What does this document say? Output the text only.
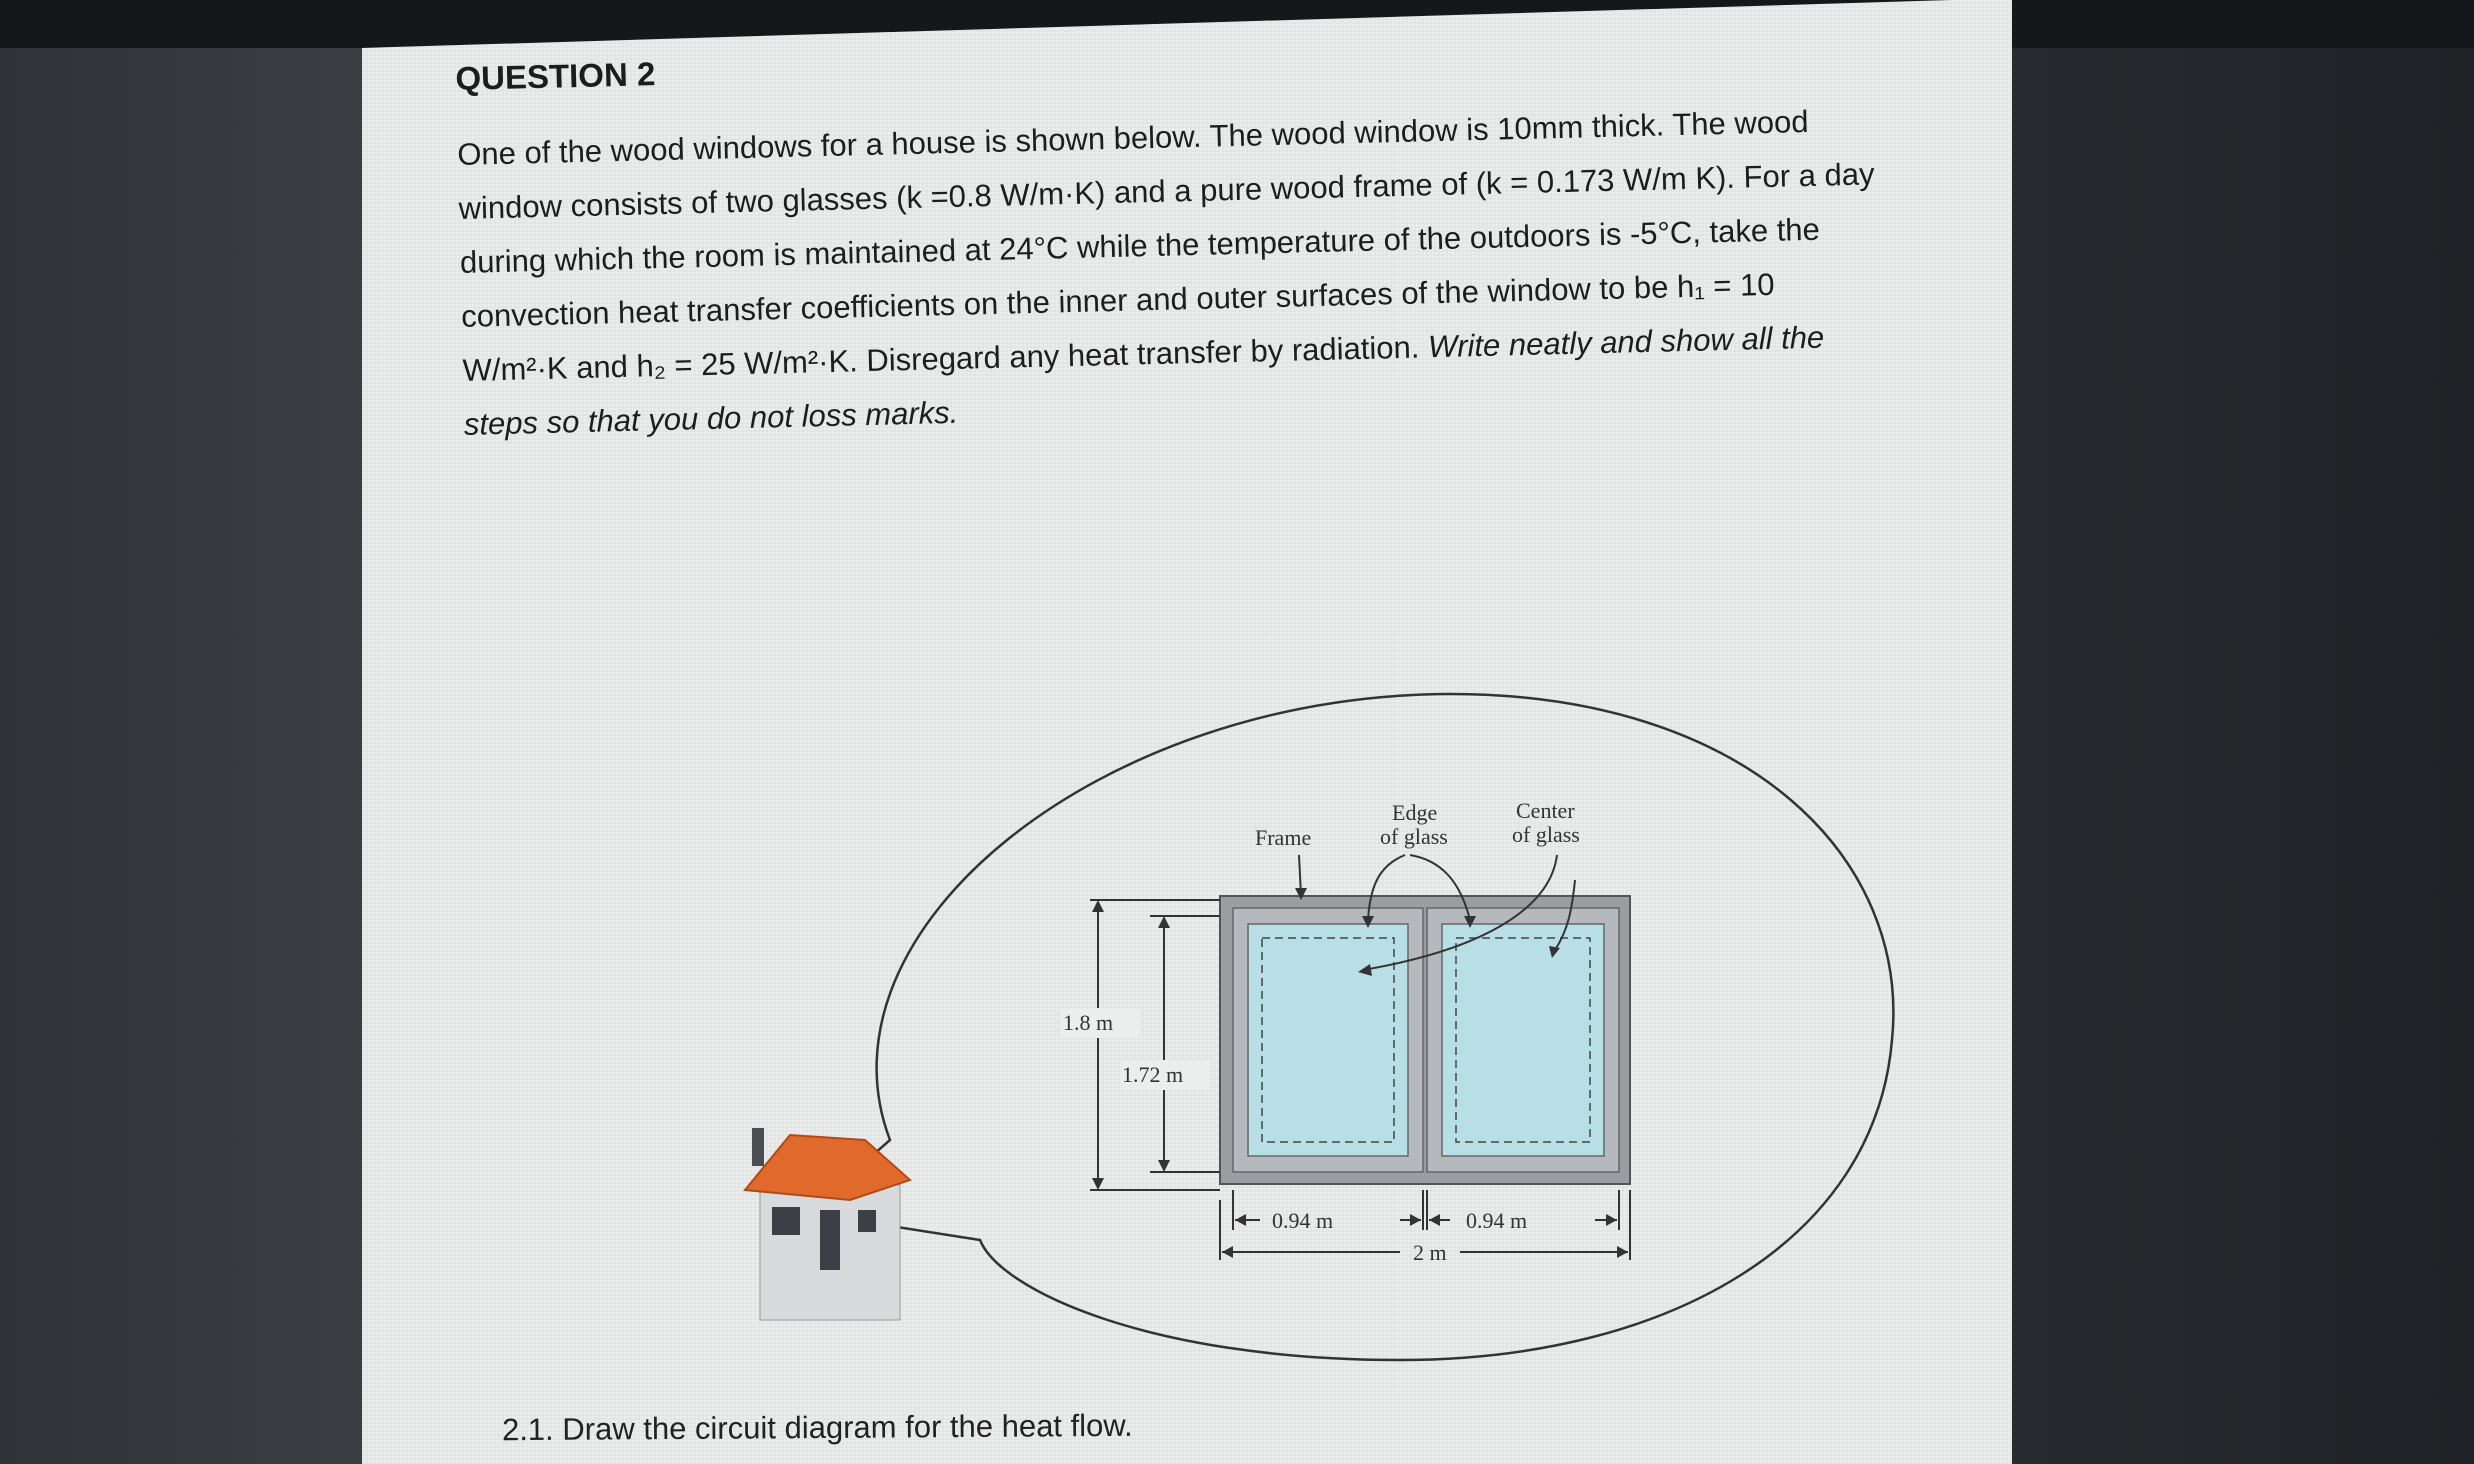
QUESTION 2

One of the wood windows for a house is shown below. The wood window is 10mm thick. The wood window consists of two glasses (k =0.8 W/m·K) and a pure wood frame of (k = 0.173 W/m K). For a day during which the room is maintained at 24°C while the temperature of the outdoors is -5°C, take the convection heat transfer coefficients on the inner and outer surfaces of the window to be h₁ = 10 W/m²·K and h₂ = 25 W/m²·K. Disregard any heat transfer by radiation. Write neatly and show all the steps so that you do not loss marks.

Frame
Edge
of glass
Center
of glass
1.8 m
1.72 m
0.94 m	0.94 m
2 m
2.1. Draw the circuit diagram for the heat flow.
